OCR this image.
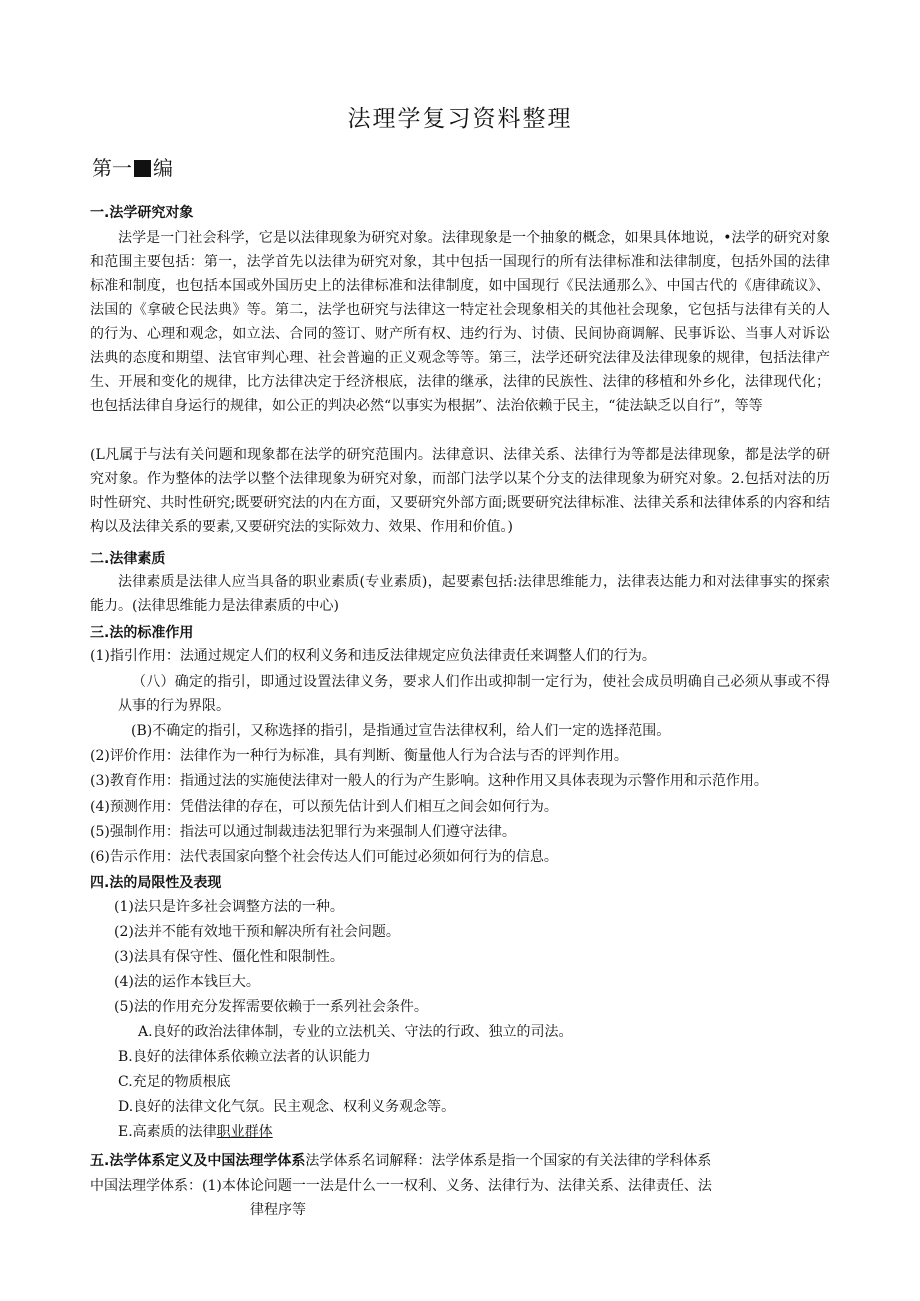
法理学复习资料整理
第一 编
一.法学研究对象
法学是一门社会科学，它是以法律现象为研究对象。法律现象是一个抽象的概念，如果具体地说，•法学的研究对象和范围主要包括：第一，法学首先以法律为研究对象，其中包括一国现行的所有法律标准和法律制度，包括外国的法律标准和制度，也包括本国或外国历史上的法律标准和法律制度，如中国现行《民法通那么》、中国古代的《唐律疏议》、法国的《拿破仑民法典》等。第二，法学也研究与法律这一特定社会现象相关的其他社会现象，它包括与法律有关的人的行为、心理和观念，如立法、合同的签订、财产所有权、违约行为、讨债、民间协商调解、民事诉讼、当事人对诉讼法典的态度和期望、法官审判心理、社会普遍的正义观念等等。第三，法学还研究法律及法律现象的规律，包括法律产生、开展和变化的规律，比方法律决定于经济根底，法律的继承，法律的民族性、法律的移植和外乡化，法律现代化；也包括法律自身运行的规律，如公正的判决必然“以事实为根据”、法治依赖于民主，“徒法缺乏以自行”，等等
(L凡属于与法有关问题和现象都在法学的研究范围内。法律意识、法律关系、法律行为等都是法律现象，都是法学的研究对象。作为整体的法学以整个法律现象为研究对象，而部门法学以某个分支的法律现象为研究对象。2.包括对法的历时性研究、共时性研究;既要研究法的内在方面，又要研究外部方面;既要研究法律标准、法律关系和法律体系的内容和结构以及法律关系的要素,又要研究法的实际效力、效果、作用和价值。)
二.法律素质
法律素质是法律人应当具备的职业素质(专业素质)，起要素包括:法律思维能力，法律表达能力和对法律事实的探索能力。(法律思维能力是法律素质的中心)
三.法的标准作用
(1)指引作用：法通过规定人们的权利义务和违反法律规定应负法律责任来调整人们的行为。
（八）确定的指引，即通过设置法律义务，要求人们作出或抑制一定行为，使社会成员明确自己必须从事或不得从事的行为界限。
(B)不确定的指引，又称选择的指引，是指通过宣告法律权利，给人们一定的选择范围。
(2)评价作用：法律作为一种行为标准，具有判断、衡量他人行为合法与否的评判作用。
(3)教育作用：指通过法的实施使法律对一般人的行为产生影响。这种作用又具体表现为示警作用和示范作用。
(4)预测作用：凭借法律的存在，可以预先估计到人们相互之间会如何行为。
(5)强制作用：指法可以通过制裁违法犯罪行为来强制人们遵守法律。
(6)告示作用：法代表国家向整个社会传达人们可能过必须如何行为的信息。
四.法的局限性及表现
(1)法只是许多社会调整方法的一种。
(2)法并不能有效地干预和解决所有社会问题。
(3)法具有保守性、僵化性和限制性。
(4)法的运作本钱巨大。
(5)法的作用充分发挥需要依赖于一系列社会条件。
A.良好的政治法律体制，专业的立法机关、守法的行政、独立的司法。
B.良好的法律体系依赖立法者的认识能力
C.充足的物质根底
D.良好的法律文化气氛。民主观念、权利义务观念等。
E.高素质的法律职业群体
五.法学体系定义及中国法理学体系法学体系名词解释：法学体系是指一个国家的有关法律的学科体系
中国法理学体系：(1)本体论问题一一法是什么一一权利、义务、法律行为、法律关系、法律责任、法
律程序等
